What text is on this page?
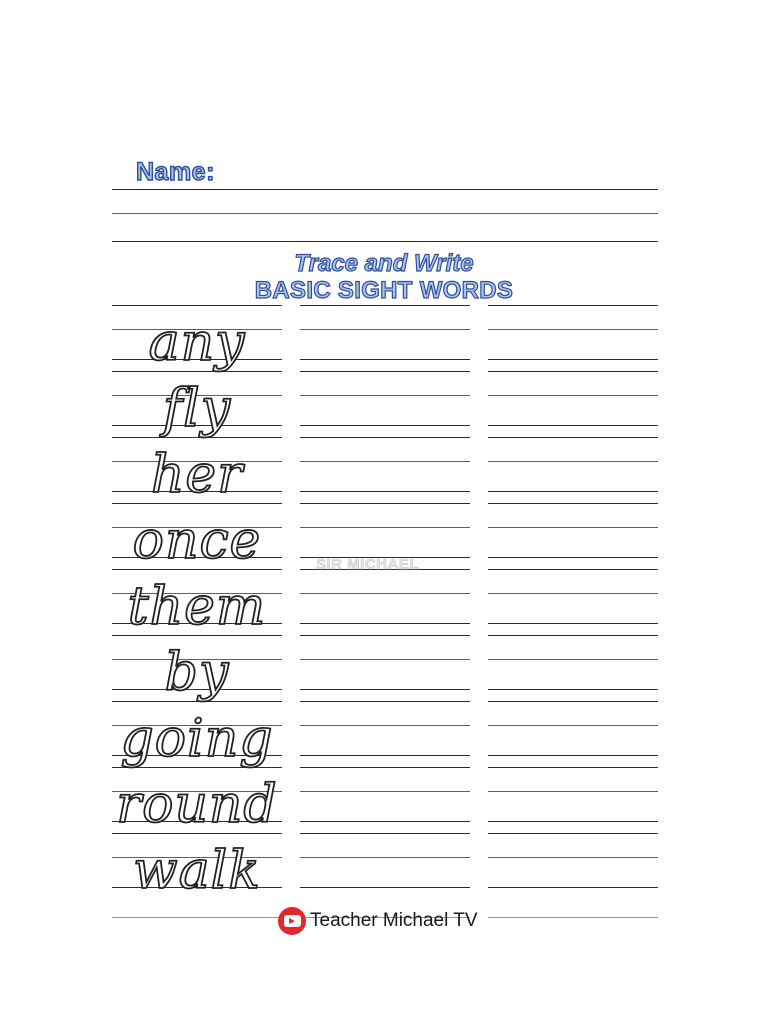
Name:
Trace and Write
BASIC SIGHT WORDS
any
fly
her
once
them
by
going
round
walk
SIR MICHAEL
Teacher Michael TV
